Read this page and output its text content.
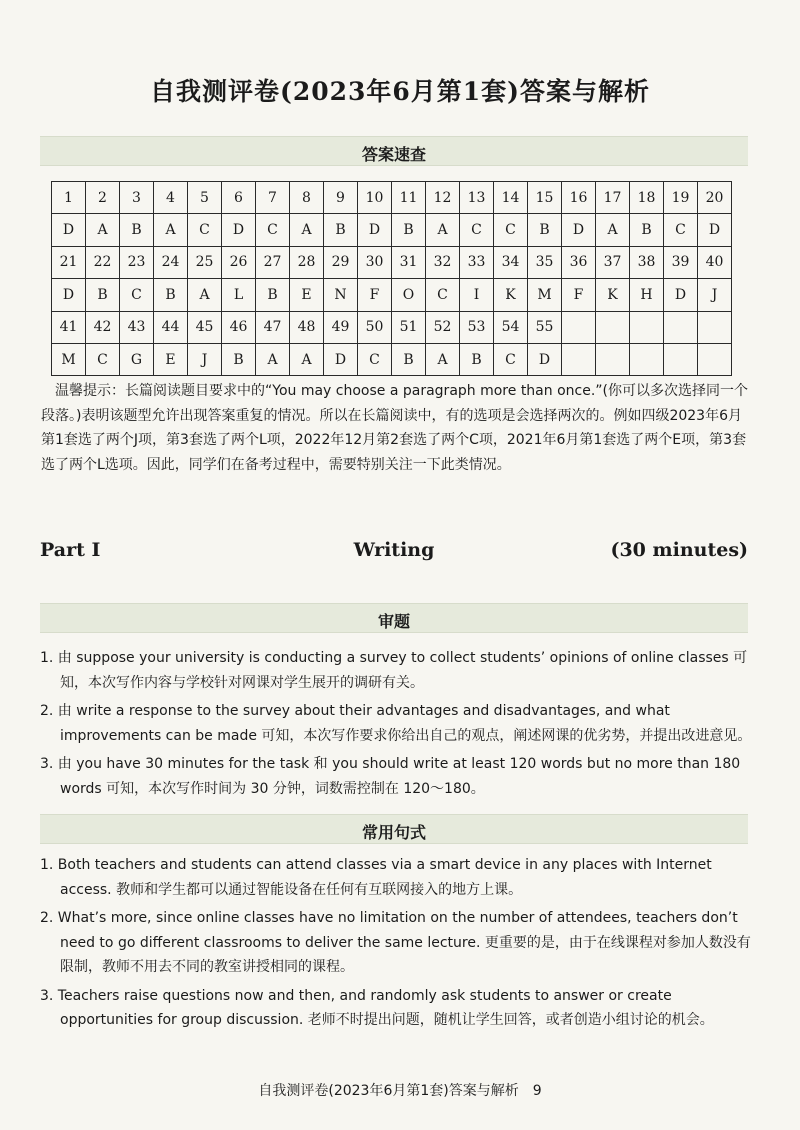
自我测评卷(2023年6月第1套)答案与解析
答案速查
1	2	3	4	5	6	7	8	9	10	11	12	13	14	15	16	17	18	19	20
D	A	B	A	C	D	C	A	B	D	B	A	C	C	B	D	A	B	C	D
21	22	23	24	25	26	27	28	29	30	31	32	33	34	35	36	37	38	39	40
D	B	C	B	A	L	B	E	N	F	O	C	I	K	M	F	K	H	D	J
41	42	43	44	45	46	47	48	49	50	51	52	53	54	55					
M	C	G	E	J	B	A	A	D	C	B	A	B	C	D					
温馨提示：长篇阅读题目要求中的“You may choose a paragraph more than once.”(你可以多次选择同一个段落。)表明该题型允许出现答案重复的情况。所以在长篇阅读中，有的选项是会选择两次的。例如四级2023年6月第1套选了两个J项，第3套选了两个L项，2022年12月第2套选了两个C项，2021年6月第1套选了两个E项，第3套选了两个L选项。因此，同学们在备考过程中，需要特别关注一下此类情况。
Part Ⅰ	Writing	(30 minutes)
审题
1. 由 suppose your university is conducting a survey to collect students’ opinions of online classes 可知，本次写作内容与学校针对网课对学生展开的调研有关。
2. 由 write a response to the survey about their advantages and disadvantages, and what improvements can be made 可知，本次写作要求你给出自己的观点，阐述网课的优劣势，并提出改进意见。
3. 由 you have 30 minutes for the task 和 you should write at least 120 words but no more than 180 words 可知，本次写作时间为 30 分钟，词数需控制在 120～180。
常用句式
1. Both teachers and students can attend classes via a smart device in any places with Internet access. 教师和学生都可以通过智能设备在任何有互联网接入的地方上课。
2. What’s more, since online classes have no limitation on the number of attendees, teachers don’t need to go different classrooms to deliver the same lecture. 更重要的是，由于在线课程对参加人数没有限制，教师不用去不同的教室讲授相同的课程。
3. Teachers raise questions now and then, and randomly ask students to answer or create opportunities for group discussion. 老师不时提出问题，随机让学生回答，或者创造小组讨论的机会。
自我测评卷(2023年6月第1套)答案与解析　9
